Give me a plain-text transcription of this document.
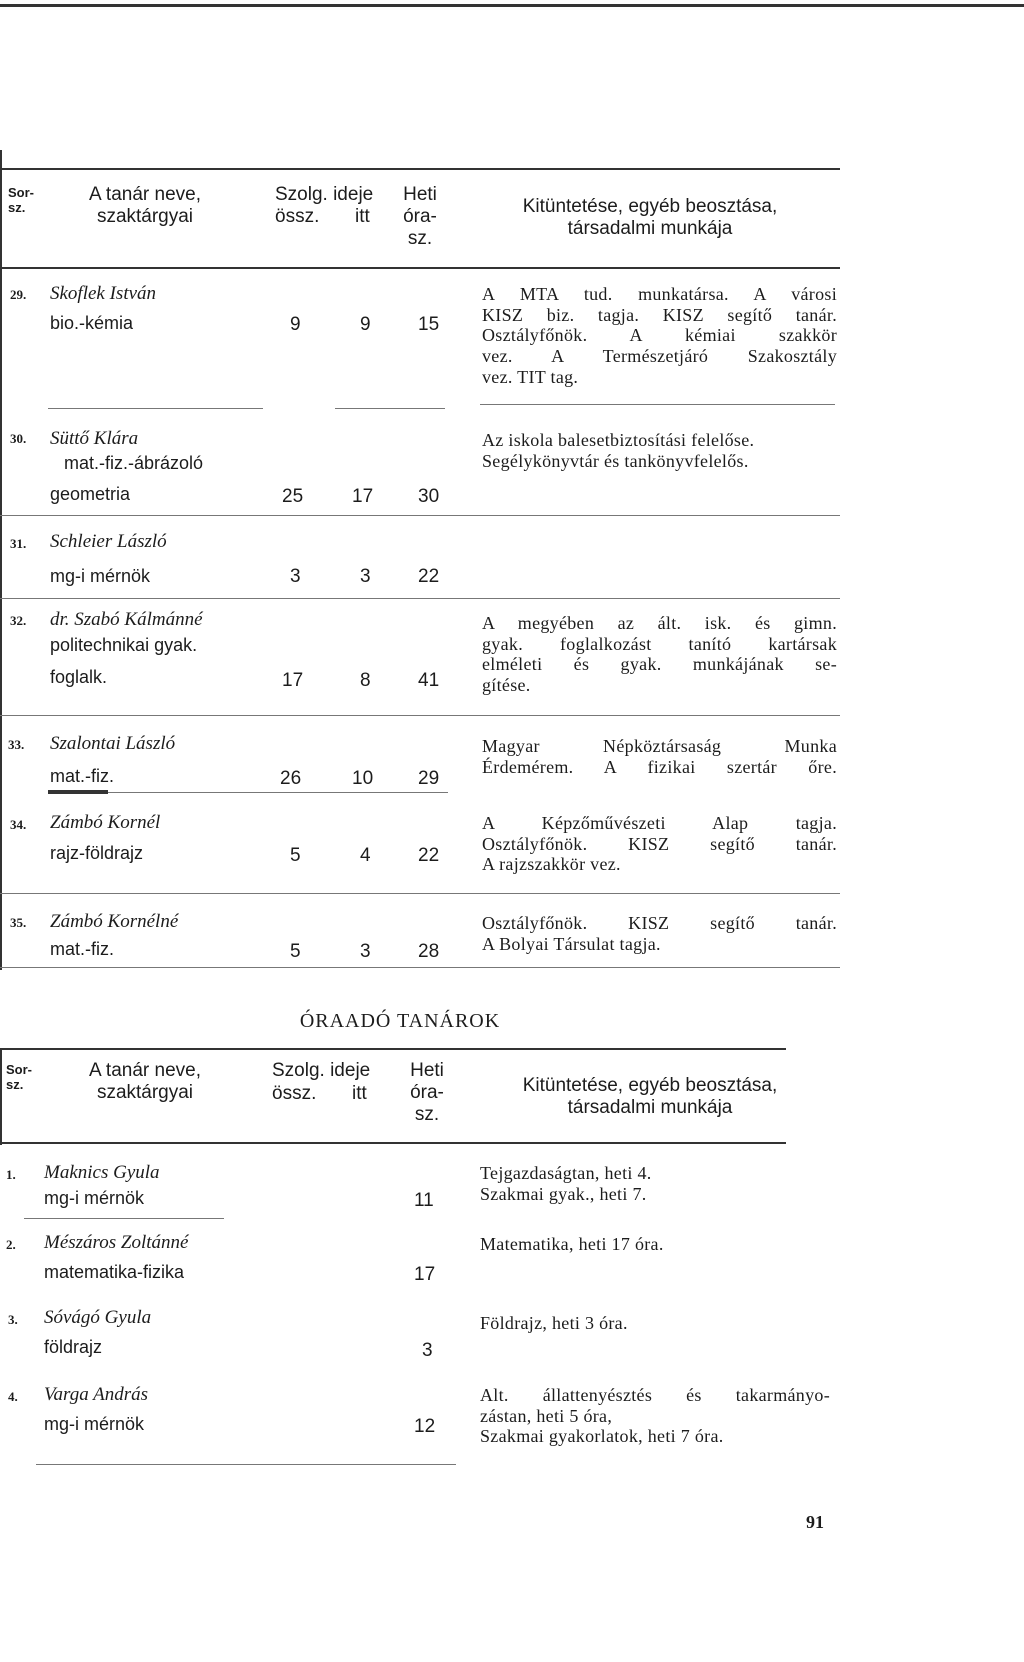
Sor-
sz.
A tanár neve,
szaktárgyai
Szolg. ideje
össz. itt
Heti
óra-
sz.
Kitüntetése, egyéb beosztása,
társadalmi munkája
29. Skoflek István
bio.-kémia	9	9 15
A MTA tud. munkatársa. A városi
KISZ biz. tagja. KISZ segítő tanár.
Osztályfőnök. A kémiai szakkör
vez. A Természetjáró Szakosztály
vez. TIT tag.
30. Süttő Klára
mat.-fiz.-ábrázoló
geometria	25	17 30
Az iskola balesetbiztosítási felelőse.
Segélykönyvtár és tankönyvfelelős.
31. Schleier László
mg-i mérnök	3	3 22
32. dr. Szabó Kálmánné
politechnikai gyak.
foglalk.	17	8 41
A megyében az ált. isk. és gimn.
gyak. foglalkozást tanító kartársak
elméleti és gyak. munkájának se-
gítése.
33. Szalontai László
mat.-fiz.	26	10 29
Magyar Népköztársaság Munka
Érdemérem. A fizikai szertár őre.
34. Zámbó Kornél
rajz-földrajz	5	4 22
A Képzőművészeti Alap tagja.
Osztályfőnök. KISZ segítő tanár.
A rajzszakkör vez.
35. Zámbó Kornélné
mat.-fiz.	5	3 28
Osztályfőnök. KISZ segítő tanár.
A Bolyai Társulat tagja.
ÓRAADÓ TANÁROK
Sor-
sz.
A tanár neve,
szaktárgyai
Szolg. ideje
össz. itt
Heti
óra-
sz.
Kitüntetése, egyéb beosztása,
társadalmi munkája
1. Maknics Gyula
mg-i mérnök	11
Tejgazdaságtan, heti 4.
Szakmai gyak., heti 7.
2. Mészáros Zoltánné
matematika-fizika	17
Matematika, heti 17 óra.
3. Sóvágó Gyula
földrajz	3
Földrajz, heti 3 óra.
4. Varga András
mg-i mérnök	12
Alt. állattenyésztés és takarmányo-
zástan, heti 5 óra,
Szakmai gyakorlatok, heti 7 óra.
91
